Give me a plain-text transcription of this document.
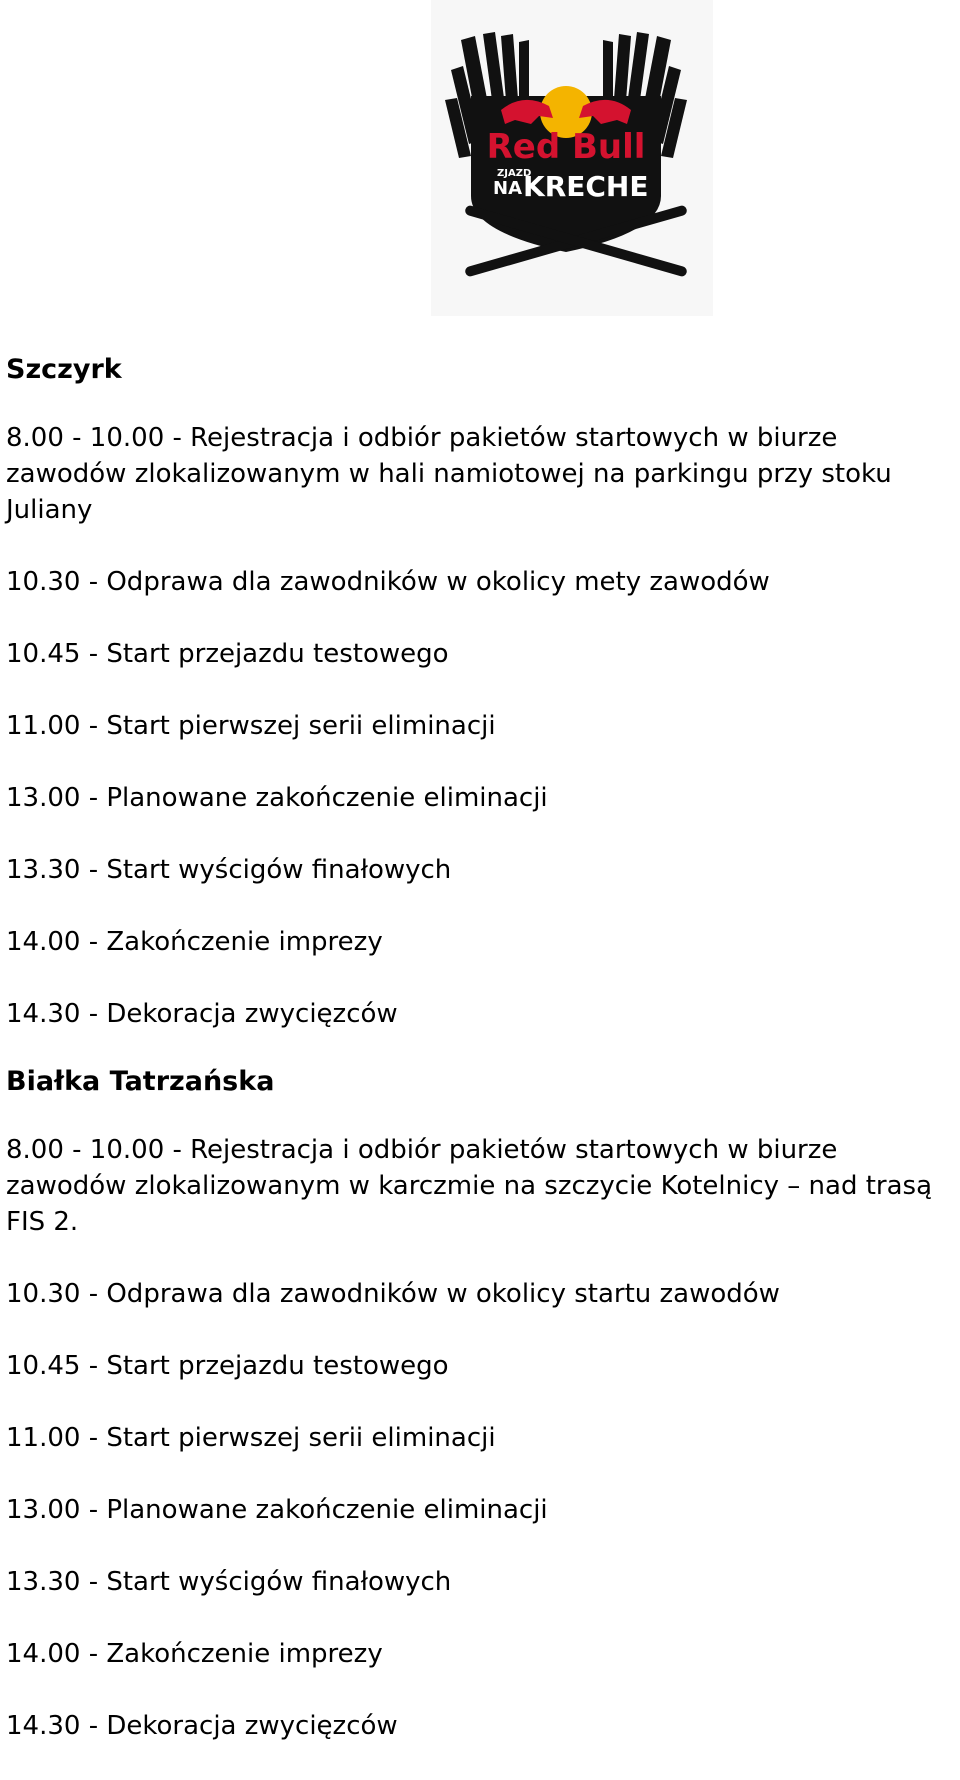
Red Bull
ZJAZD
NA KRECHE
Szczyrk

8.00 - 10.00 - Rejestracja i odbiór pakietów startowych w biurze zawodów zlokalizowanym w hali namiotowej na parkingu przy stoku Juliany

10.30 - Odprawa dla zawodników w okolicy mety zawodów

10.45 - Start przejazdu testowego

11.00 - Start pierwszej serii eliminacji

13.00 - Planowane zakończenie eliminacji

13.30 - Start wyścigów finałowych

14.00 - Zakończenie imprezy

14.30 - Dekoracja zwycięzców

Białka Tatrzańska

8.00 - 10.00 - Rejestracja i odbiór pakietów startowych w biurze zawodów zlokalizowanym w karczmie na szczycie Kotelnicy – nad trasą FIS 2.

10.30 - Odprawa dla zawodników w okolicy startu zawodów

10.45 - Start przejazdu testowego

11.00 - Start pierwszej serii eliminacji

13.00 - Planowane zakończenie eliminacji

13.30 - Start wyścigów finałowych

14.00 - Zakończenie imprezy

14.30 - Dekoracja zwycięzców
